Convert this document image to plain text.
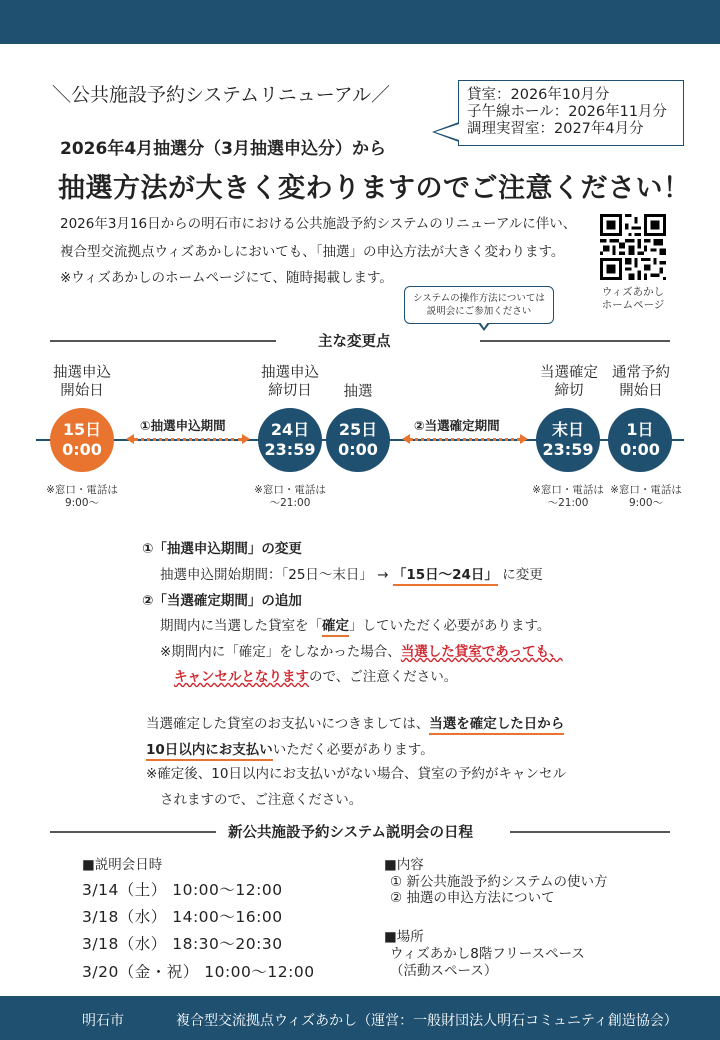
＼公共施設予約システムリニューアル／
2026年4月抽選分（3月抽選申込分）から
抽選方法が大きく変わりますのでご注意ください！
貸室：2026年10月分
子午線ホール：2026年11月分
調理実習室：2027年4月分
2026年3月16日からの明石市における公共施設予約システムのリニューアルに伴い、
複合型交流拠点ウィズあかしにおいても、「抽選」の申込方法が大きく変わります。
※ウィズあかしのホームページにて、随時掲載します。
ウィズあかし
ホームページ
システムの操作方法については
説明会にご参加ください
主な変更点
抽選申込
開始日
抽選申込
締切日	抽選
当選確定
締切
通常予約
開始日
15日
0:00
24日
23:59
25日
0:00
末日
23:59
1日
0:00
①抽選申込期間	②当選確定期間
※窓口・電話は
9:00〜
※窓口・電話は
〜21:00
※窓口・電話は
〜21:00
※窓口・電話は
9:00〜
①「抽選申込期間」の変更
抽選申込開始期間：「25日〜末日」 → 「15日〜24日」 に変更
②「当選確定期間」の追加
期間内に当選した貸室を「確定」していただく必要があります。
※期間内に「確定」をしなかった場合、当選した貸室であっても、
キャンセルとなりますので、ご注意ください。
当選確定した貸室のお支払いにつきましては、当選を確定した日から
10日以内にお支払いいただく必要があります。
※確定後、10日以内にお支払いがない場合、貸室の予約がキャンセル
されますので、ご注意ください。
新公共施設予約システム説明会の日程
■説明会日時
3/14（土） 10:00〜12:00
3/18（水） 14:00〜16:00
3/18（水） 18:30〜20:30
3/20（金・祝） 10:00〜12:00
■内容
① 新公共施設予約システムの使い方
② 抽選の申込方法について
■場所
ウィズあかし8階フリースペース
（活動スペース）
明石市	複合型交流拠点ウィズあかし（運営：一般財団法人明石コミュニティ創造協会）
